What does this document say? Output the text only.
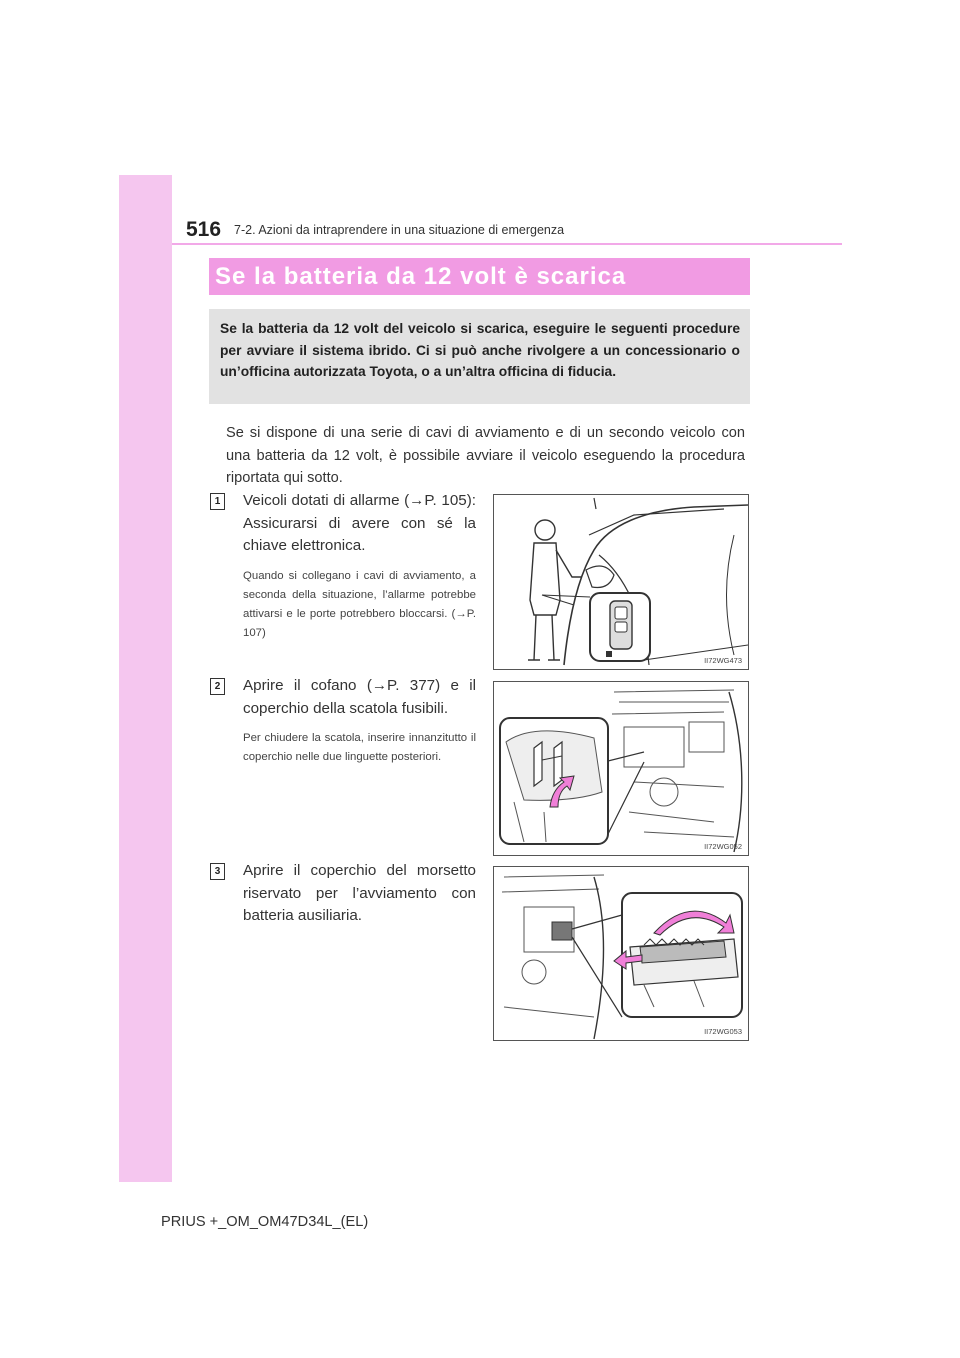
516 7-2. Azioni da intraprendere in una situazione di emergenza
Se la batteria da 12 volt è scarica
Se la batteria da 12 volt del veicolo si scarica, eseguire le seguenti procedure per avviare il sistema ibrido. Ci si può anche rivolgere a un concessionario o un’officina autorizzata Toyota, o a un’altra officina di fiducia.
Se si dispone di una serie di cavi di avviamento e di un secondo veicolo con una batteria da 12 volt, è possibile avviare il veicolo eseguendo la procedura riportata qui sotto.
1	Veicoli dotati di allarme (→P. 105): Assicurarsi di avere con sé la chiave elettronica.
Quando si collegano i cavi di avviamento, a seconda della situazione, l’allarme potrebbe attivarsi e le porte potrebbero bloccarsi. (→P. 107)
II72WG473
2	Aprire il cofano (→P. 377) e il coperchio della scatola fusibili.
Per chiudere la scatola, inserire innanzitutto il coperchio nelle due linguette posteriori.
II72WG052
3	Aprire il coperchio del morsetto riservato per l’avviamento con batteria ausiliaria.
II72WG053
PRIUS +_OM_OM47D34L_(EL)
